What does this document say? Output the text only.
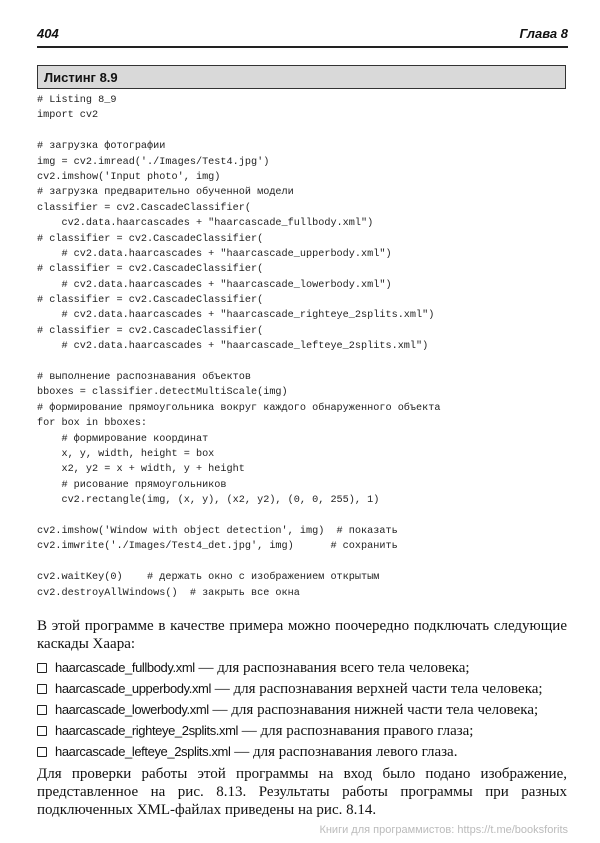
404	Глава 8
Листинг 8.9
# Listing 8_9
import cv2
# загрузка фотографии
img = cv2.imread('./Images/Test4.jpg')
cv2.imshow('Input photo', img)
# загрузка предварительно обученной модели
classifier = cv2.CascadeClassifier(
cv2.data.haarcascades + "haarcascade_fullbody.xml")
# classifier = cv2.CascadeClassifier(
# cv2.data.haarcascades + "haarcascade_upperbody.xml")
# classifier = cv2.CascadeClassifier(
# cv2.data.haarcascades + "haarcascade_lowerbody.xml")
# classifier = cv2.CascadeClassifier(
# cv2.data.haarcascades + "haarcascade_righteye_2splits.xml")
# classifier = cv2.CascadeClassifier(
# cv2.data.haarcascades + "haarcascade_lefteye_2splits.xml")
# выполнение распознавания объектов
bboxes = classifier.detectMultiScale(img)
# формирование прямоугольника вокруг каждого обнаруженного объекта
for box in bboxes:
# формирование координат
x, y, width, height = box
x2, y2 = x + width, y + height
# рисование прямоугольников
cv2.rectangle(img, (x, y), (x2, y2), (0, 0, 255), 1)
cv2.imshow('Window with object detection', img)  # показать
cv2.imwrite('./Images/Test4_det.jpg', img)      # сохранить
cv2.waitKey(0)    # держать окно с изображением открытым
cv2.destroyAllWindows()  # закрыть все окна
В этой программе в качестве примера можно поочередно подключать следующие каскады Хаара:
haarcascade_fullbody.xml — для распознавания всего тела человека;
haarcascade_upperbody.xml — для распознавания верхней части тела человека;
haarcascade_lowerbody.xml — для распознавания нижней части тела человека;
haarcascade_righteye_2splits.xml — для распознавания правого глаза;
haarcascade_lefteye_2splits.xml — для распознавания левого глаза.
Для проверки работы этой программы на вход было подано изображение, представленное на рис. 8.13. Результаты работы программы при разных подключенных XML-файлах приведены на рис. 8.14.
Книги для программистов: https://t.me/booksforits
